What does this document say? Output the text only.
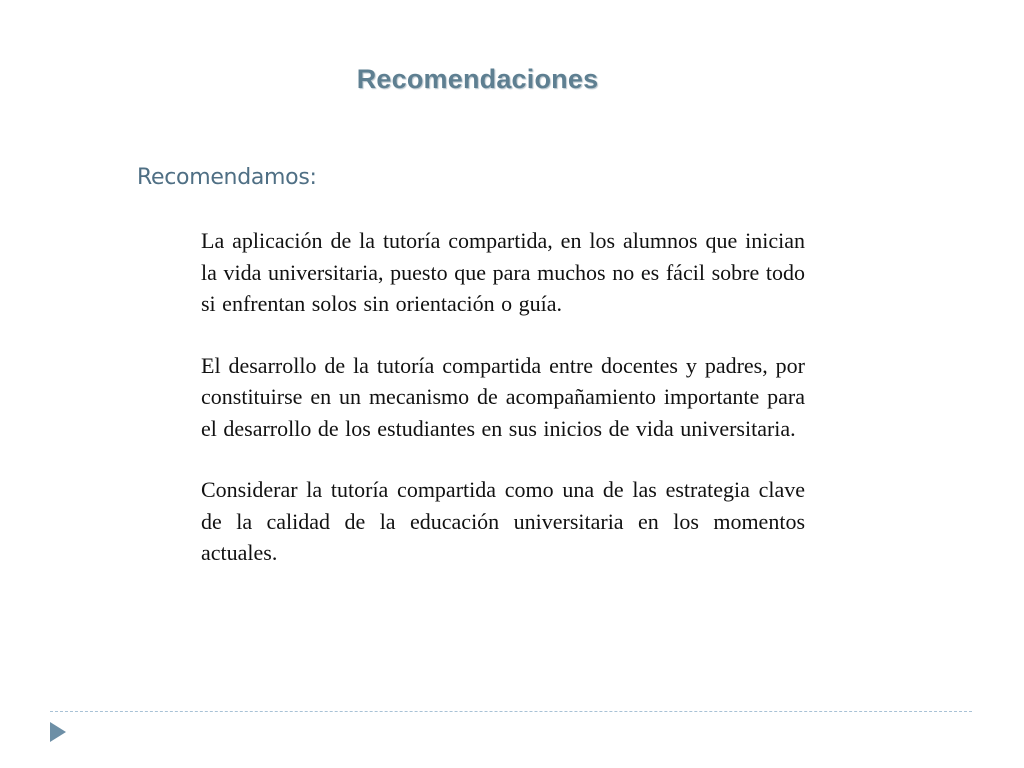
Recomendaciones
Recomendamos:

La aplicación de la tutoría compartida, en los alumnos que inician la vida universitaria, puesto que para muchos no es fácil sobre todo si enfrentan solos sin orientación o guía.

El desarrollo de la tutoría compartida entre docentes y padres, por constituirse en un mecanismo de acompañamiento importante para el desarrollo de los estudiantes en sus inicios de vida universitaria.

Considerar la tutoría compartida como una de las estrategia clave de la calidad de la educación universitaria en los momentos actuales.
